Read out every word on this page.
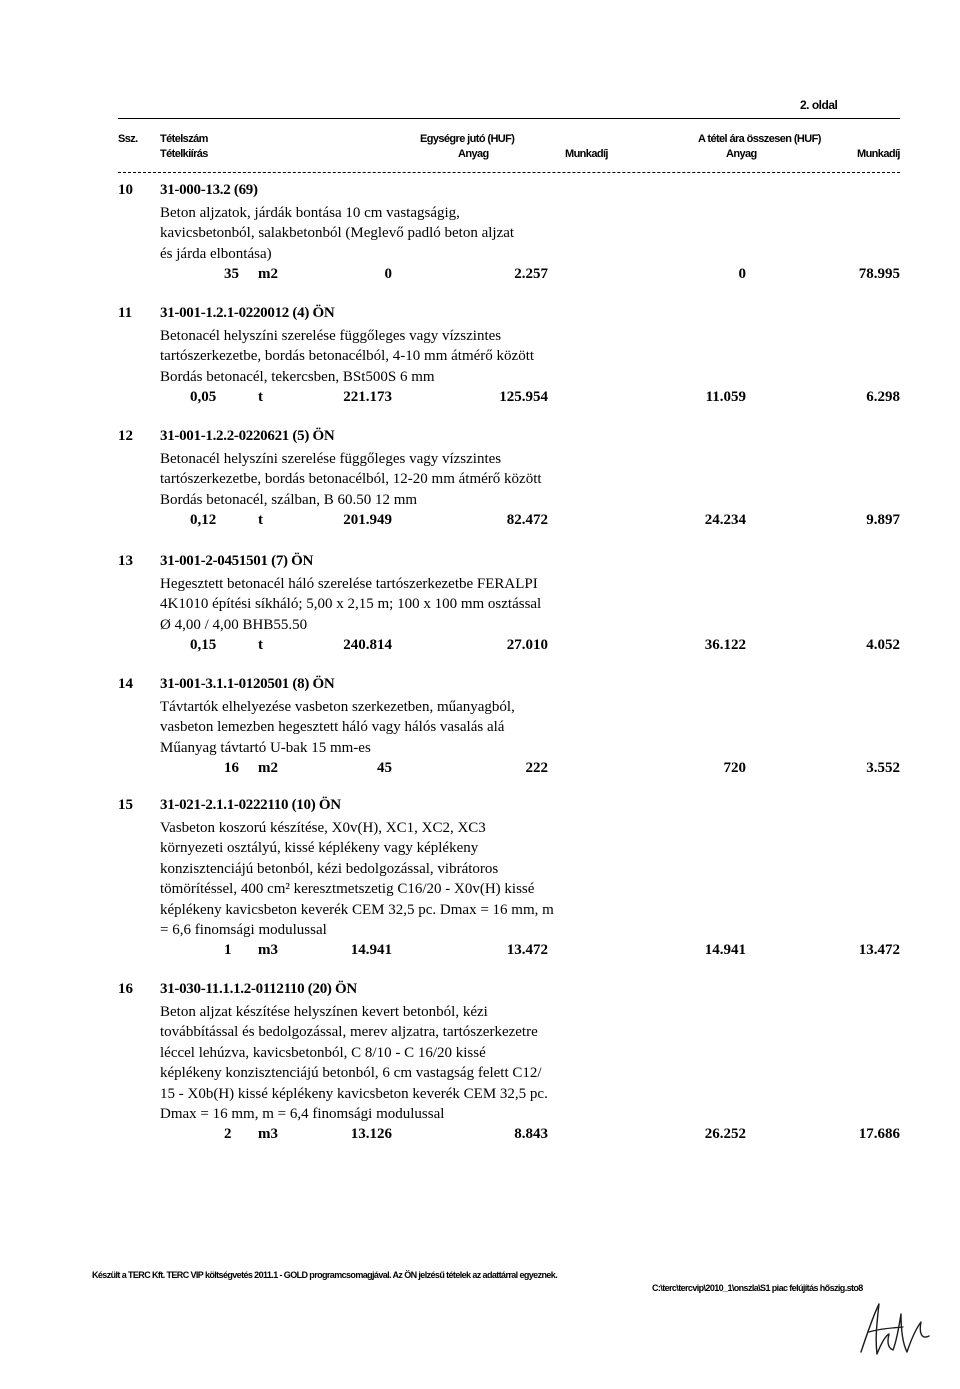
2. oldal
Ssz. Tételszám
Tételkiírás
Egységre jutó (HUF)
Anyag	Munkadíj
A tétel ára összesen (HUF)
Anyag	Munkadíj
10 31-000-13.2 (69)
Beton aljzatok, járdák bontása 10 cm vastagságig,
kavicsbetonból, salakbetonból (Meglevő padló beton aljzat
és járda elbontása)
35 m2	0	2.257	0	78.995
11 31-001-1.2.1-0220012 (4) ÖN
Betonacél helyszíni szerelése függőleges vagy vízszintes
tartószerkezetbe, bordás betonacélból, 4-10 mm átmérő között
Bordás betonacél, tekercsben, BSt500S 6 mm
0,05	t	221.173	125.954	11.059	6.298
12 31-001-1.2.2-0220621 (5) ÖN
Betonacél helyszíni szerelése függőleges vagy vízszintes
tartószerkezetbe, bordás betonacélból, 12-20 mm átmérő között
Bordás betonacél, szálban, B 60.50 12 mm
0,12	t	201.949	82.472	24.234	9.897
13 31-001-2-0451501 (7) ÖN
Hegesztett betonacél háló szerelése tartószerkezetbe FERALPI
4K1010 építési síkháló; 5,00 x 2,15 m; 100 x 100 mm osztással
Ø 4,00 / 4,00 BHB55.50
0,15	t	240.814	27.010	36.122	4.052
14 31-001-3.1.1-0120501 (8) ÖN
Távtartók elhelyezése vasbeton szerkezetben, műanyagból,
vasbeton lemezben hegesztett háló vagy hálós vasalás alá
Műanyag távtartó U-bak 15 mm-es
16 m2	45	222	720	3.552
15 31-021-2.1.1-0222110 (10) ÖN
Vasbeton koszorú készítése, X0v(H), XC1, XC2, XC3
környezeti osztályú, kissé képlékeny vagy képlékeny
konzisztenciájú betonból, kézi bedolgozással, vibrátoros
tömörítéssel, 400 cm² keresztmetszetig C16/20 - X0v(H) kissé
képlékeny kavicsbeton keverék CEM 32,5 pc. Dmax = 16 mm, m
= 6,6 finomsági modulussal
1 m3	14.941	13.472	14.941	13.472
16 31-030-11.1.1.2-0112110 (20) ÖN
Beton aljzat készítése helyszínen kevert betonból, kézi
továbbítással és bedolgozással, merev aljzatra, tartószerkezetre
léccel lehúzva, kavicsbetonból, C 8/10 - C 16/20 kissé
képlékeny konzisztenciájú betonból, 6 cm vastagság felett C12/
15 - X0b(H) kissé képlékeny kavicsbeton keverék CEM 32,5 pc.
Dmax = 16 mm, m = 6,4 finomsági modulussal
2 m3	13.126	8.843	26.252	17.686
Készült a TERC Kft. TERC VIP költségvetés 2011.1 - GOLD programcsomagjával. Az ÖN jelzésű tételek az adattárral egyeznek.
C:\terc\tercvip\2010_1\onszla\S1 piac felújítás hőszig.sto8
